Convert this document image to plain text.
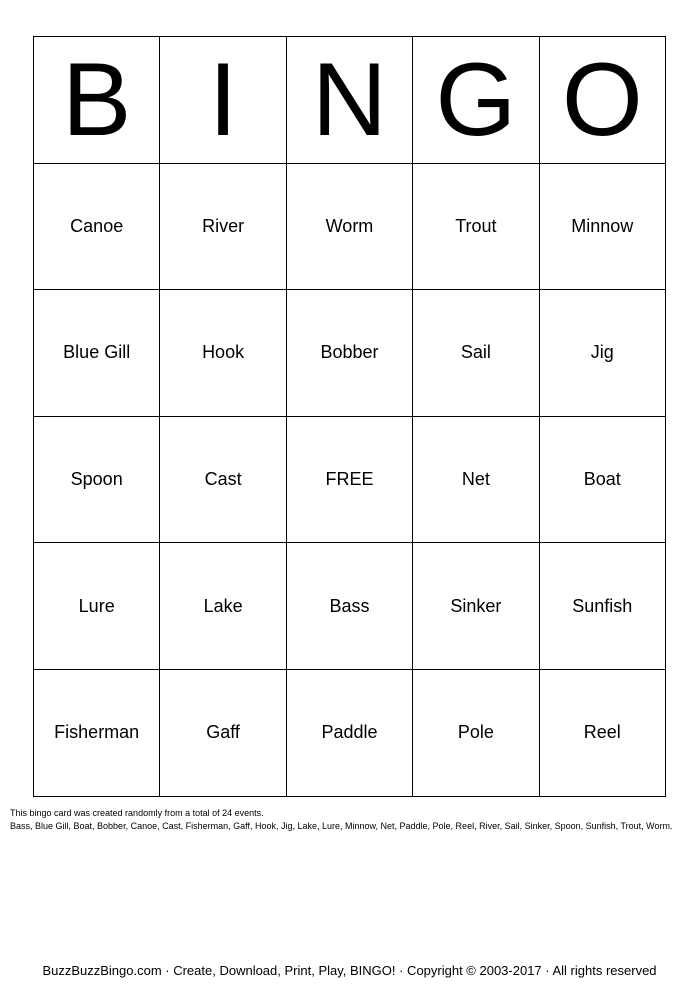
B	I	N	G	O
Canoe	River	Worm	Trout	Minnow
Blue Gill	Hook	Bobber	Sail	Jig
Spoon	Cast	FREE	Net	Boat
Lure	Lake	Bass	Sinker	Sunfish
Fisherman	Gaff	Paddle	Pole	Reel
This bingo card was created randomly from a total of 24 events.
Bass, Blue Gill, Boat, Bobber, Canoe, Cast, Fisherman, Gaff, Hook, Jig, Lake, Lure, Minnow, Net, Paddle, Pole, Reel, River, Sail, Sinker, Spoon, Sunfish, Trout, Worm.
BuzzBuzzBingo.com · Create, Download, Print, Play, BINGO! · Copyright © 2003-2017 · All rights reserved
